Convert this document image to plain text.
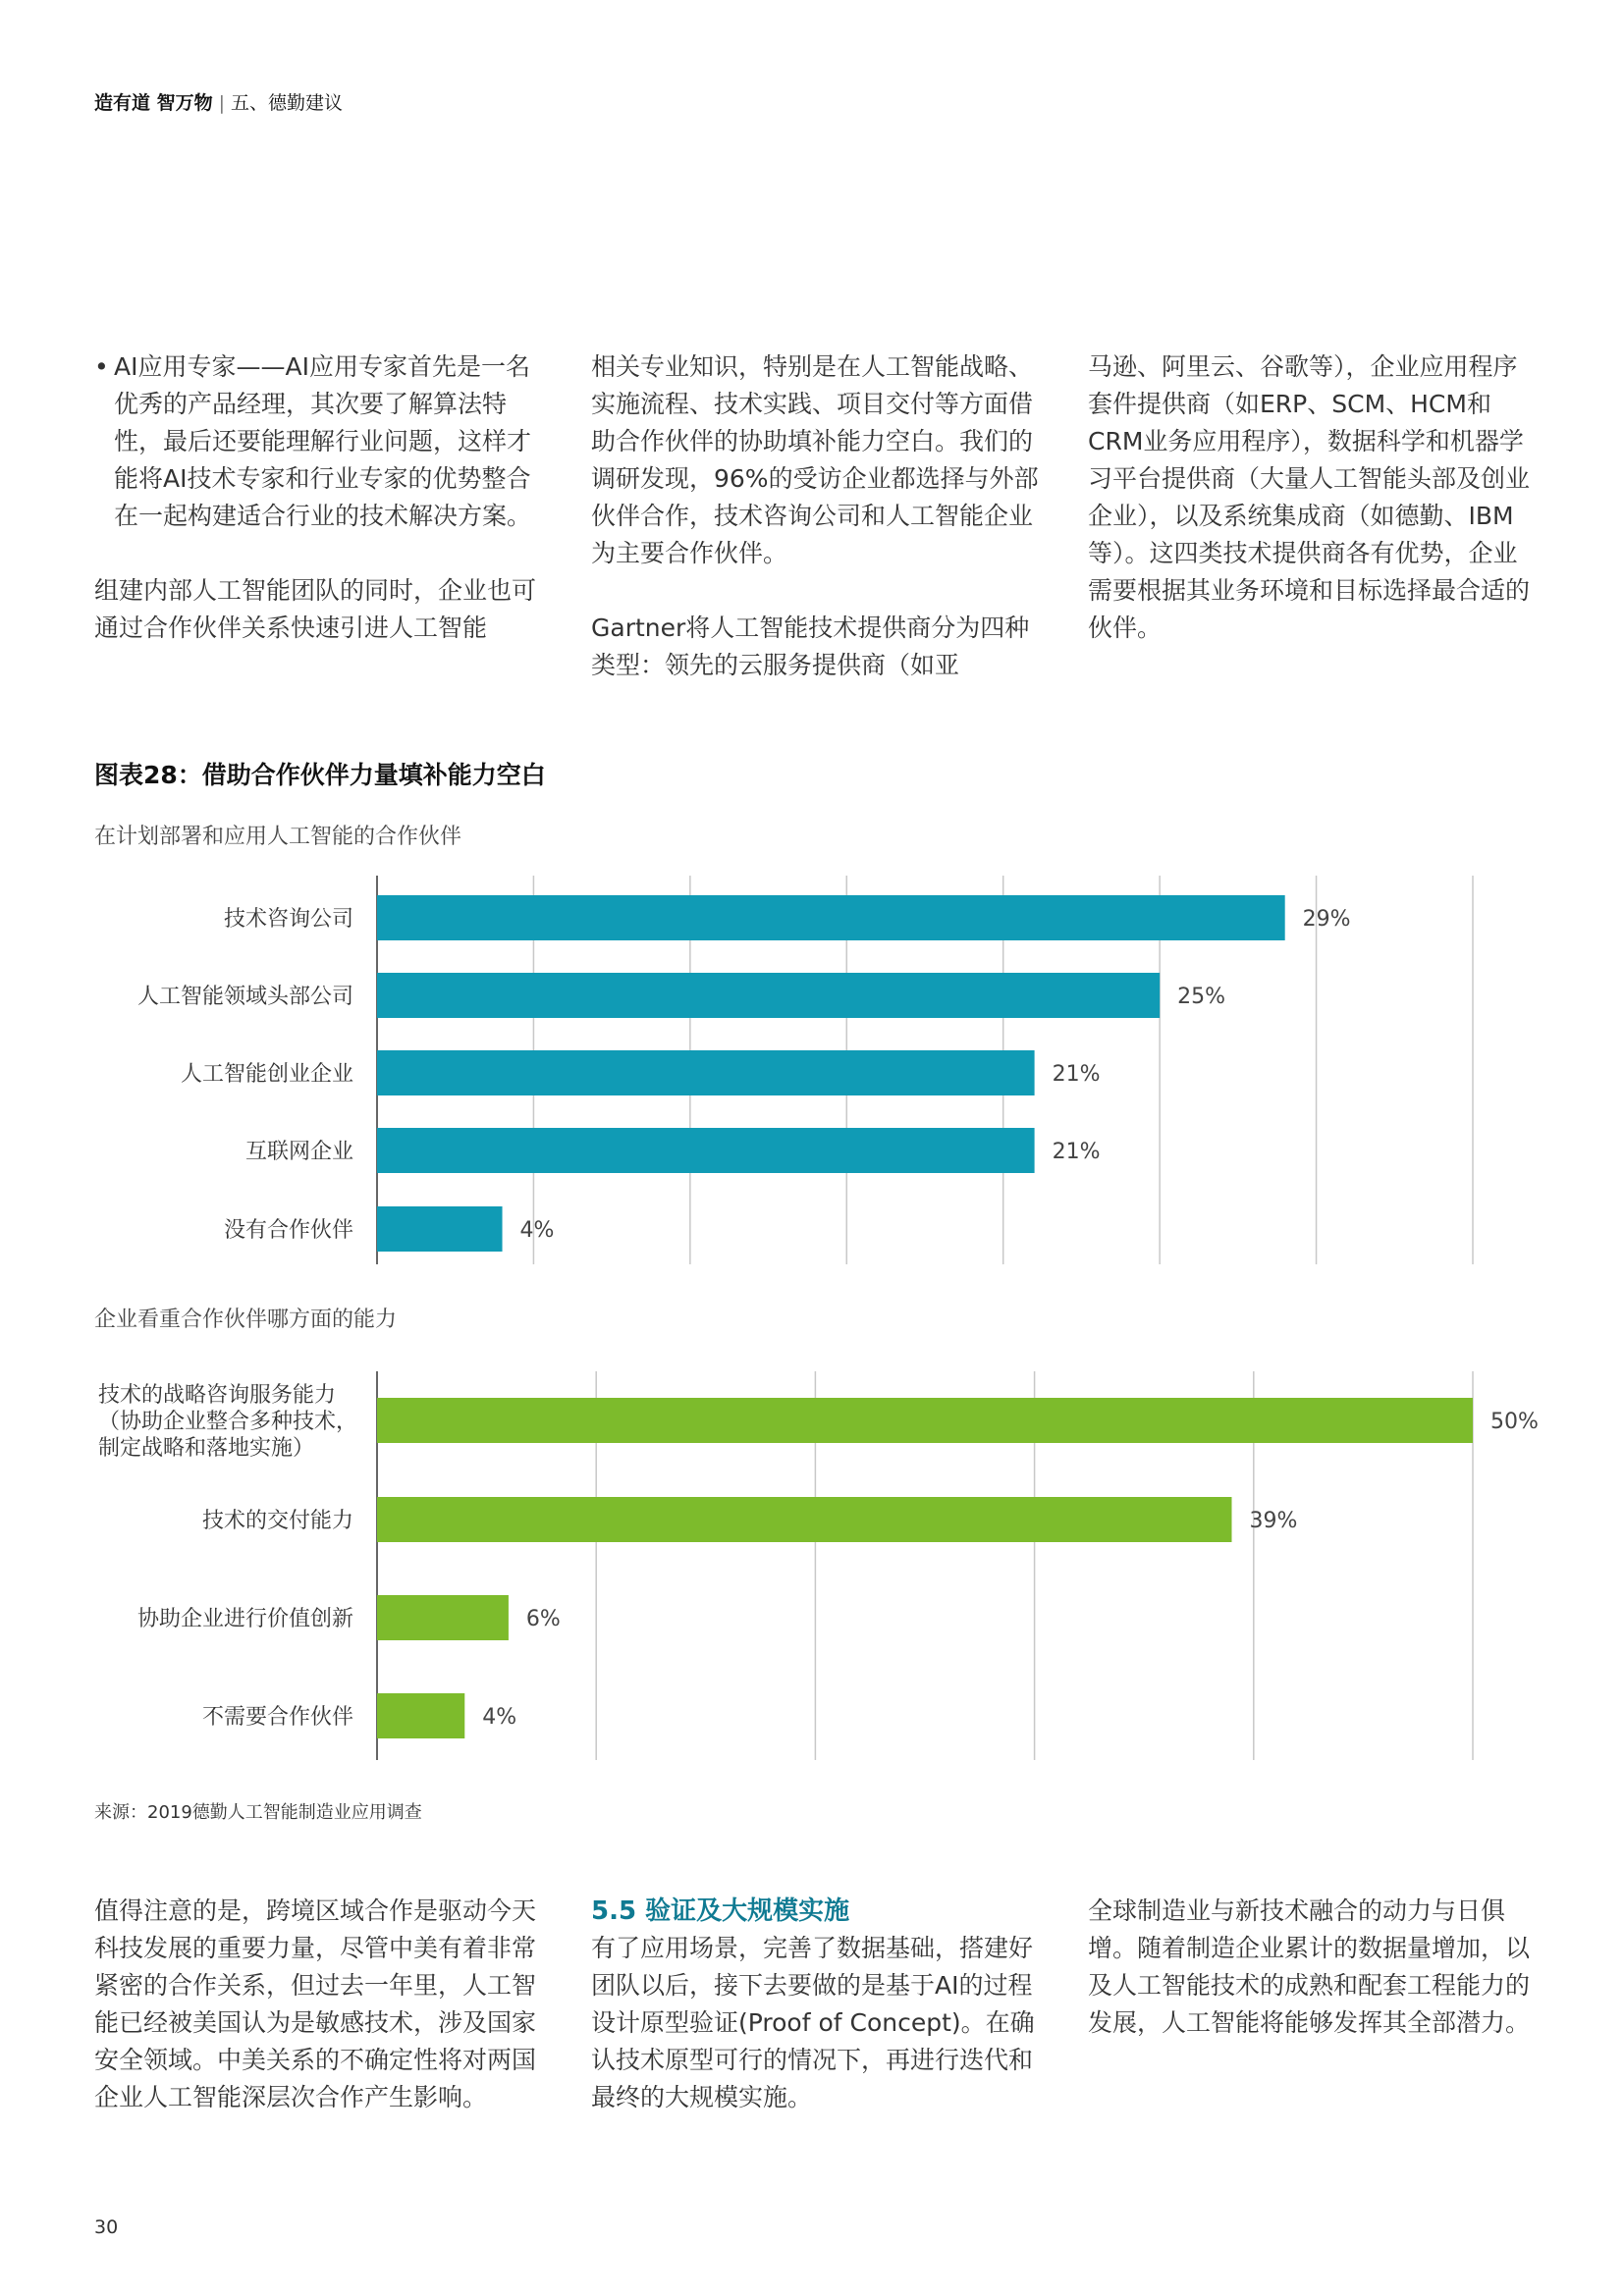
造有道 智万物 | 五、德勤建议
• AI应用专家——AI应用专家首先是一名优秀的产品经理，其次要了解算法特性，最后还要能理解行业问题，这样才能将AI技术专家和行业专家的优势整合在一起构建适合行业的技术解决方案。

组建内部人工智能团队的同时，企业也可通过合作伙伴关系快速引进人工智能

相关专业知识，特别是在人工智能战略、实施流程、技术实践、项目交付等方面借助合作伙伴的协助填补能力空白。我们的调研发现，96%的受访企业都选择与外部伙伴合作，技术咨询公司和人工智能企业为主要合作伙伴。

Gartner将人工智能技术提供商分为四种类型：领先的云服务提供商（如亚

马逊、阿里云、谷歌等），企业应用程序套件提供商（如ERP、SCM、HCM和CRM业务应用程序），数据科学和机器学习平台提供商（大量人工智能头部及创业企业），以及系统集成商（如德勤、IBM等）。这四类技术提供商各有优势，企业需要根据其业务环境和目标选择最合适的伙伴。

图表28：借助合作伙伴力量填补能力空白
在计划部署和应用人工智能的合作伙伴
29%
技术咨询公司
25%
人工智能领域头部公司
21%
人工智能创业企业
21%
互联网企业
4%
没有合作伙伴
企业看重合作伙伴哪方面的能力
50%
技术的战略咨询服务能力
（协助企业整合多种技术，
制定战略和落地实施）
39%
技术的交付能力
6%
协助企业进行价值创新
4%
不需要合作伙伴
来源：2019德勤人工智能制造业应用调查

值得注意的是，跨境区域合作是驱动今天科技发展的重要力量，尽管中美有着非常紧密的合作关系，但过去一年里，人工智能已经被美国认为是敏感技术，涉及国家安全领域。中美关系的不确定性将对两国企业人工智能深层次合作产生影响。

5.5 验证及大规模实施

有了应用场景，完善了数据基础，搭建好团队以后，接下去要做的是基于AI的过程设计原型验证(Proof of Concept)。在确认技术原型可行的情况下，再进行迭代和最终的大规模实施。

全球制造业与新技术融合的动力与日俱增。随着制造企业累计的数据量增加，以及人工智能技术的成熟和配套工程能力的发展，人工智能将能够发挥其全部潜力。

30
